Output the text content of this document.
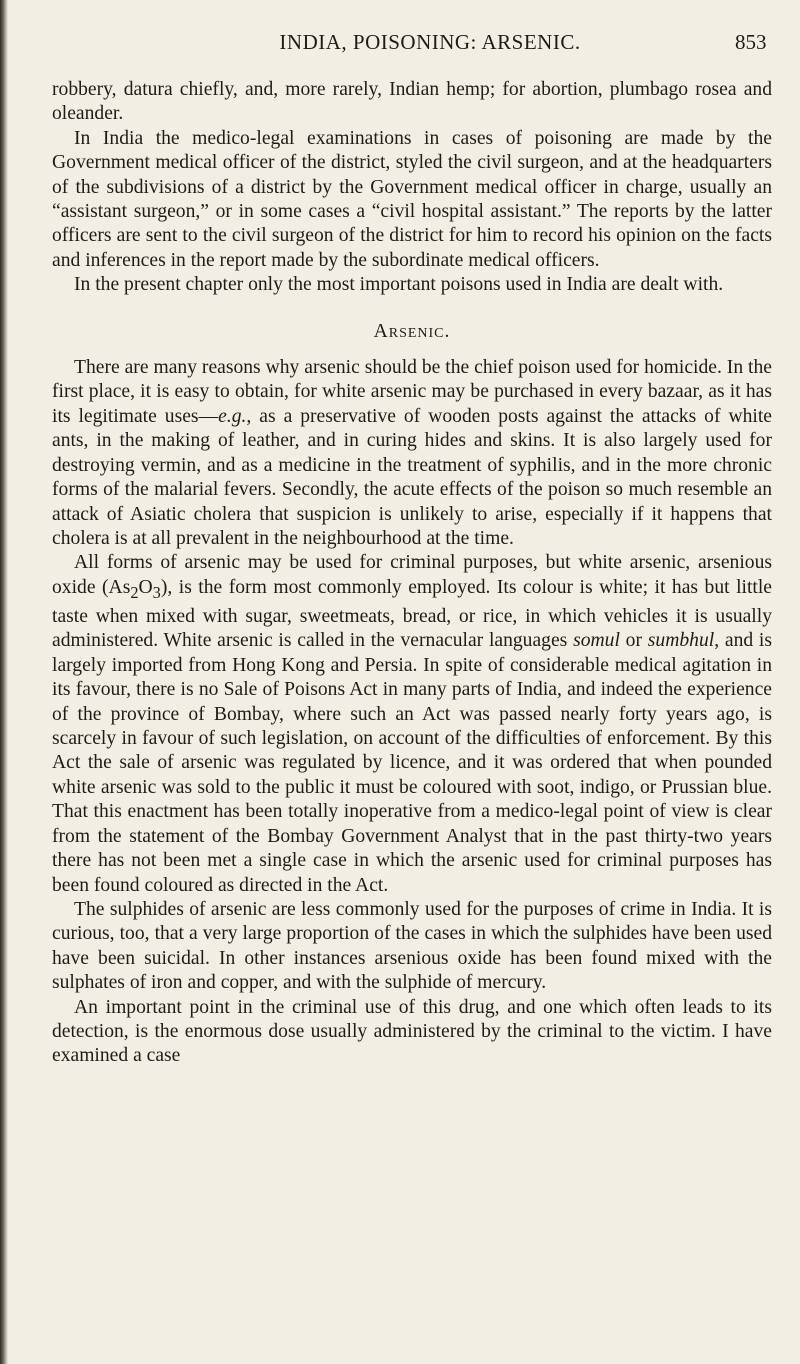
INDIA, POISONING: ARSENIC.	853

robbery, datura chiefly, and, more rarely, Indian hemp; for abortion, plumbago rosea and oleander.

In India the medico-legal examinations in cases of poisoning are made by the Government medical officer of the district, styled the civil surgeon, and at the headquarters of the subdivisions of a district by the Government medical officer in charge, usually an “assistant surgeon,” or in some cases a “civil hospital assistant.” The reports by the latter officers are sent to the civil surgeon of the district for him to record his opinion on the facts and inferences in the report made by the subordinate medical officers.

In the present chapter only the most important poisons used in India are dealt with.

Arsenic.

There are many reasons why arsenic should be the chief poison used for homicide. In the first place, it is easy to obtain, for white arsenic may be purchased in every bazaar, as it has its legitimate uses—e.g., as a preservative of wooden posts against the attacks of white ants, in the making of leather, and in curing hides and skins. It is also largely used for destroying vermin, and as a medicine in the treatment of syphilis, and in the more chronic forms of the malarial fevers. Secondly, the acute effects of the poison so much resemble an attack of Asiatic cholera that suspicion is unlikely to arise, especially if it happens that cholera is at all prevalent in the neighbourhood at the time.

All forms of arsenic may be used for criminal purposes, but white arsenic, arsenious oxide $(As_2O_3)$, is the form most commonly employed. Its colour is white; it has but little taste when mixed with sugar, sweetmeats, bread, or rice, in which vehicles it is usually administered. White arsenic is called in the vernacular languages somul or sumbhul, and is largely imported from Hong Kong and Persia. In spite of considerable medical agitation in its favour, there is no Sale of Poisons Act in many parts of India, and indeed the experience of the province of Bombay, where such an Act was passed nearly forty years ago, is scarcely in favour of such legislation, on account of the difficulties of enforcement. By this Act the sale of arsenic was regulated by licence, and it was ordered that when pounded white arsenic was sold to the public it must be coloured with soot, indigo, or Prussian blue. That this enactment has been totally inoperative from a medico-legal point of view is clear from the statement of the Bombay Government Analyst that in the past thirty-two years there has not been met a single case in which the arsenic used for criminal purposes has been found coloured as directed in the Act.

The sulphides of arsenic are less commonly used for the purposes of crime in India. It is curious, too, that a very large proportion of the cases in which the sulphides have been used have been suicidal. In other instances arsenious oxide has been found mixed with the sulphates of iron and copper, and with the sulphide of mercury.

An important point in the criminal use of this drug, and one which often leads to its detection, is the enormous dose usually administered by the criminal to the victim. I have examined a case
